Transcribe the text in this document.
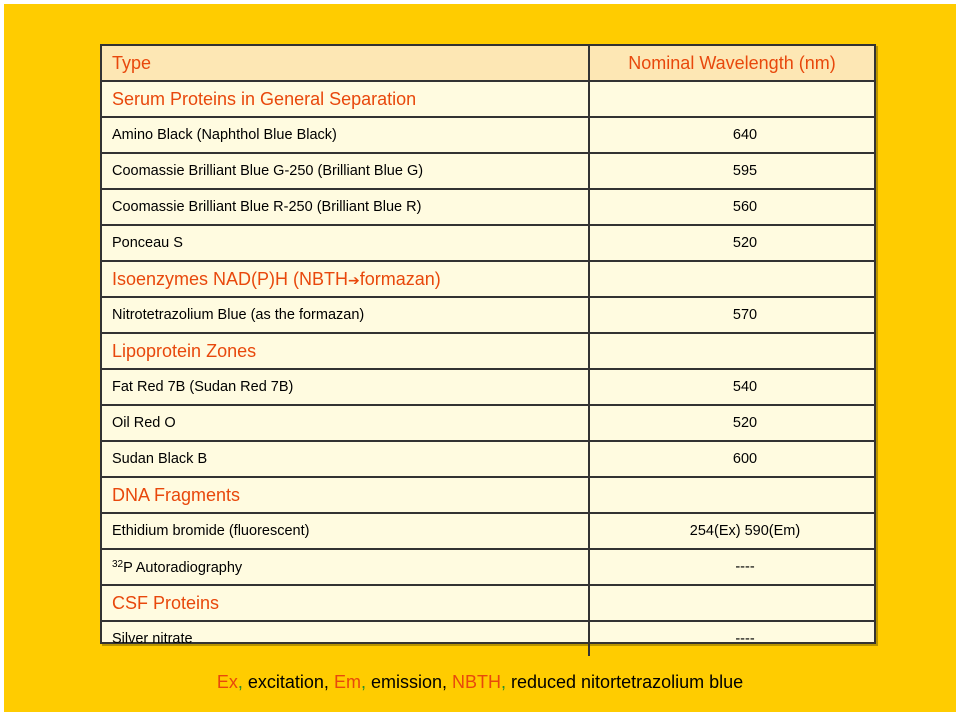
Type	Nominal Wavelength (nm)
Serum Proteins in General Separation	
Amino Black (Naphthol Blue Black)	640
Coomassie Brilliant Blue G-250 (Brilliant Blue G)	595
Coomassie Brilliant Blue R-250 (Brilliant Blue R)	560
Ponceau S	520
Isoenzymes NAD(P)H (NBTH➔formazan)	
Nitrotetrazolium Blue (as the formazan)	570
Lipoprotein Zones	
Fat Red 7B (Sudan Red 7B)	540
Oil Red O	520
Sudan Black B	600
DNA Fragments	
Ethidium bromide (fluorescent)	254(Ex) 590(Em)
$^{32}$P Autoradiography	----
CSF Proteins	
Silver nitrate	----
Ex, excitation, Em, emission, NBTH, reduced nitortetrazolium blue
